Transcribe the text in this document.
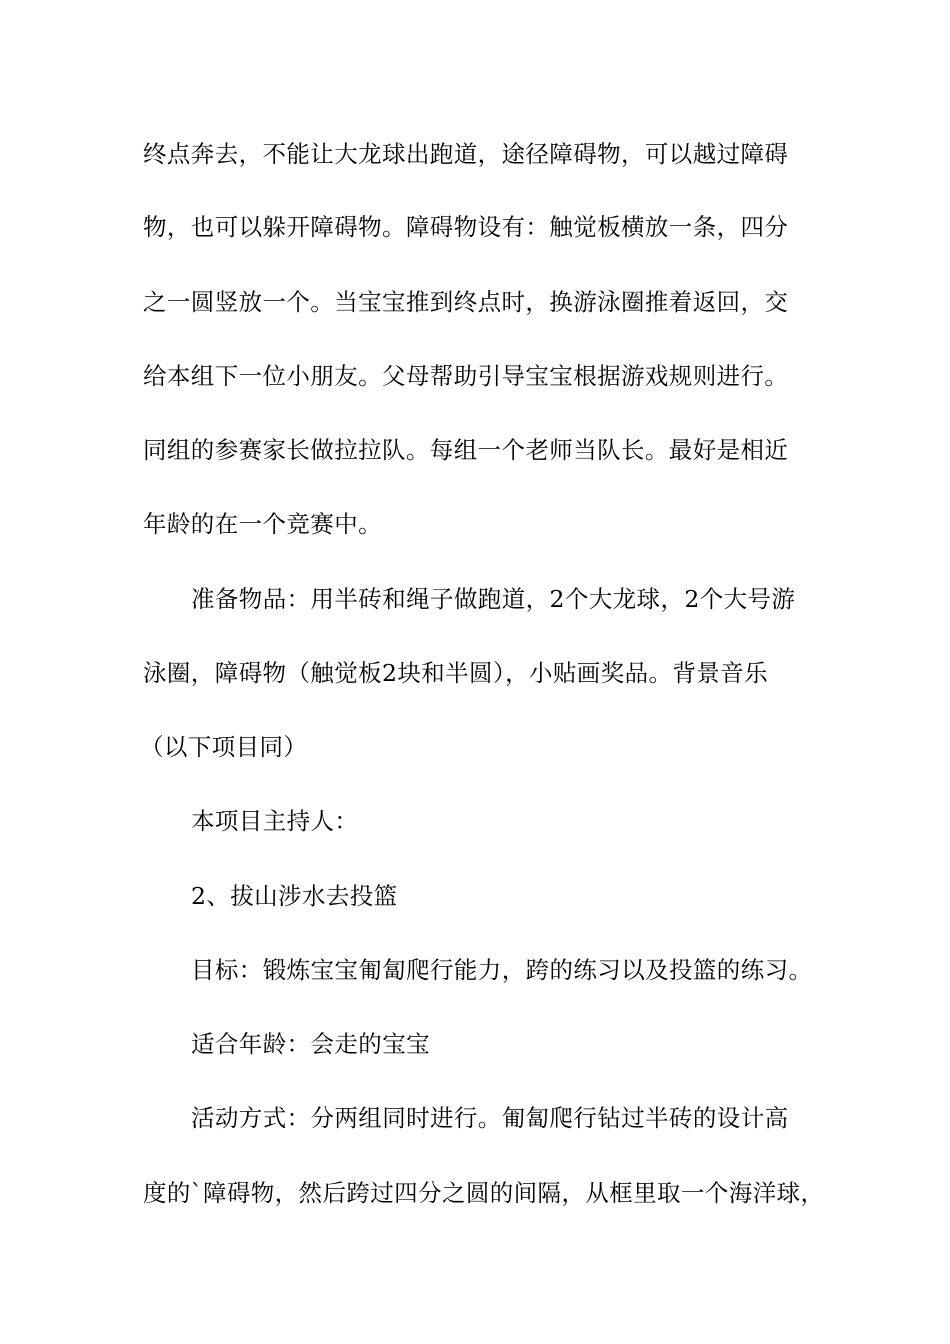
终点奔去，不能让大龙球出跑道，途径障碍物，可以越过障碍
物，也可以躲开障碍物。障碍物设有：触觉板横放一条，四分
之一圆竖放一个。当宝宝推到终点时，换游泳圈推着返回，交
给本组下一位小朋友。父母帮助引导宝宝根据游戏规则进行。
同组的参赛家长做拉拉队。每组一个老师当队长。最好是相近
年龄的在一个竞赛中。
准备物品：用半砖和绳子做跑道，2个大龙球，2个大号游
泳圈，障碍物（触觉板2块和半圆），小贴画奖品。背景音乐
（以下项目同）
本项目主持人：
2、拔山涉水去投篮
目标：锻炼宝宝匍匐爬行能力，跨的练习以及投篮的练习。
适合年龄：会走的宝宝
活动方式：分两组同时进行。匍匐爬行钻过半砖的设计高
度的`障碍物，然后跨过四分之圆的间隔，从框里取一个海洋球，
